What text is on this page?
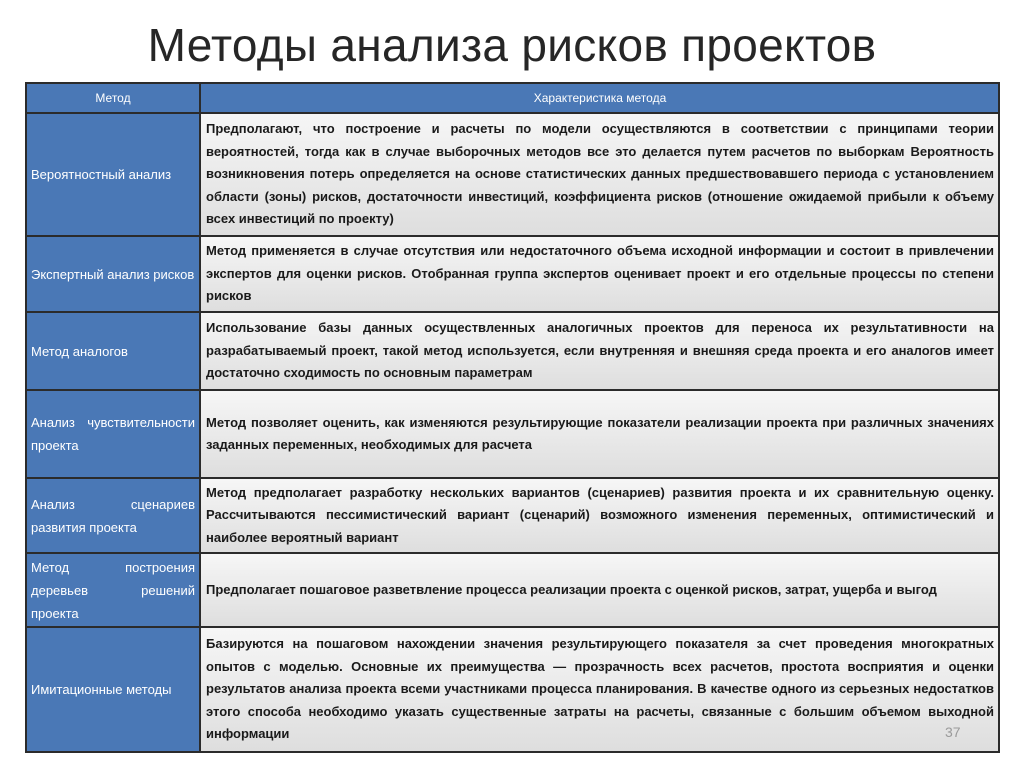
Методы анализа рисков проектов
Метод	Характеристика метода
Вероятностный анализ
Предполагают, что построение и расчеты по модели осуществляются в соответствии с принципами теории вероятностей, тогда как в случае выборочных методов все это делается путем расчетов по выборкам Вероятность возникновения потерь определяется на основе статистических данных предшествовавшего периода с установлением области (зоны) рисков, достаточности инвестиций, коэффициента рисков (отношение ожидаемой прибыли к объему всех инвестиций по проекту)
Экспертный анализ рисков
Метод применяется в случае отсутствия или недостаточного объема исходной информации и состоит в привлечении экспертов для оценки рисков. Отобранная группа экспертов оценивает проект и его отдельные процессы по степени рисков
Метод аналогов
Использование базы данных осуществленных аналогичных проектов для переноса их результативности на разрабатываемый проект, такой метод используется, если внутренняя и внешняя среда проекта и его аналогов имеет достаточно сходимость по основным параметрам
Анализ чувствительности проекта
Метод позволяет оценить, как изменяются результирующие показатели реализации проекта при различных значениях заданных переменных, необходимых для расчета
Анализ сценариев развития проекта
Метод предполагает разработку нескольких вариантов (сценариев) развития проекта и их сравнительную оценку. Рассчитываются пессимистический вариант (сценарий) возможного изменения переменных, оптимистический и наиболее вероятный вариант
Метод построения деревьев решений проекта
Предполагает пошаговое разветвление процесса реализации проекта с оценкой рисков, затрат, ущерба и выгод
Имитационные методы
Базируются на пошаговом нахождении значения результирующего показателя за счет проведения многократных опытов с моделью. Основные их преимущества — прозрачность всех расчетов, простота восприятия и оценки результатов анализа проекта всеми участниками процесса планирования. В качестве одного из серьезных недостатков этого способа необходимо указать существенные затраты на расчеты, связанные с большим объемом выходной информации	37
